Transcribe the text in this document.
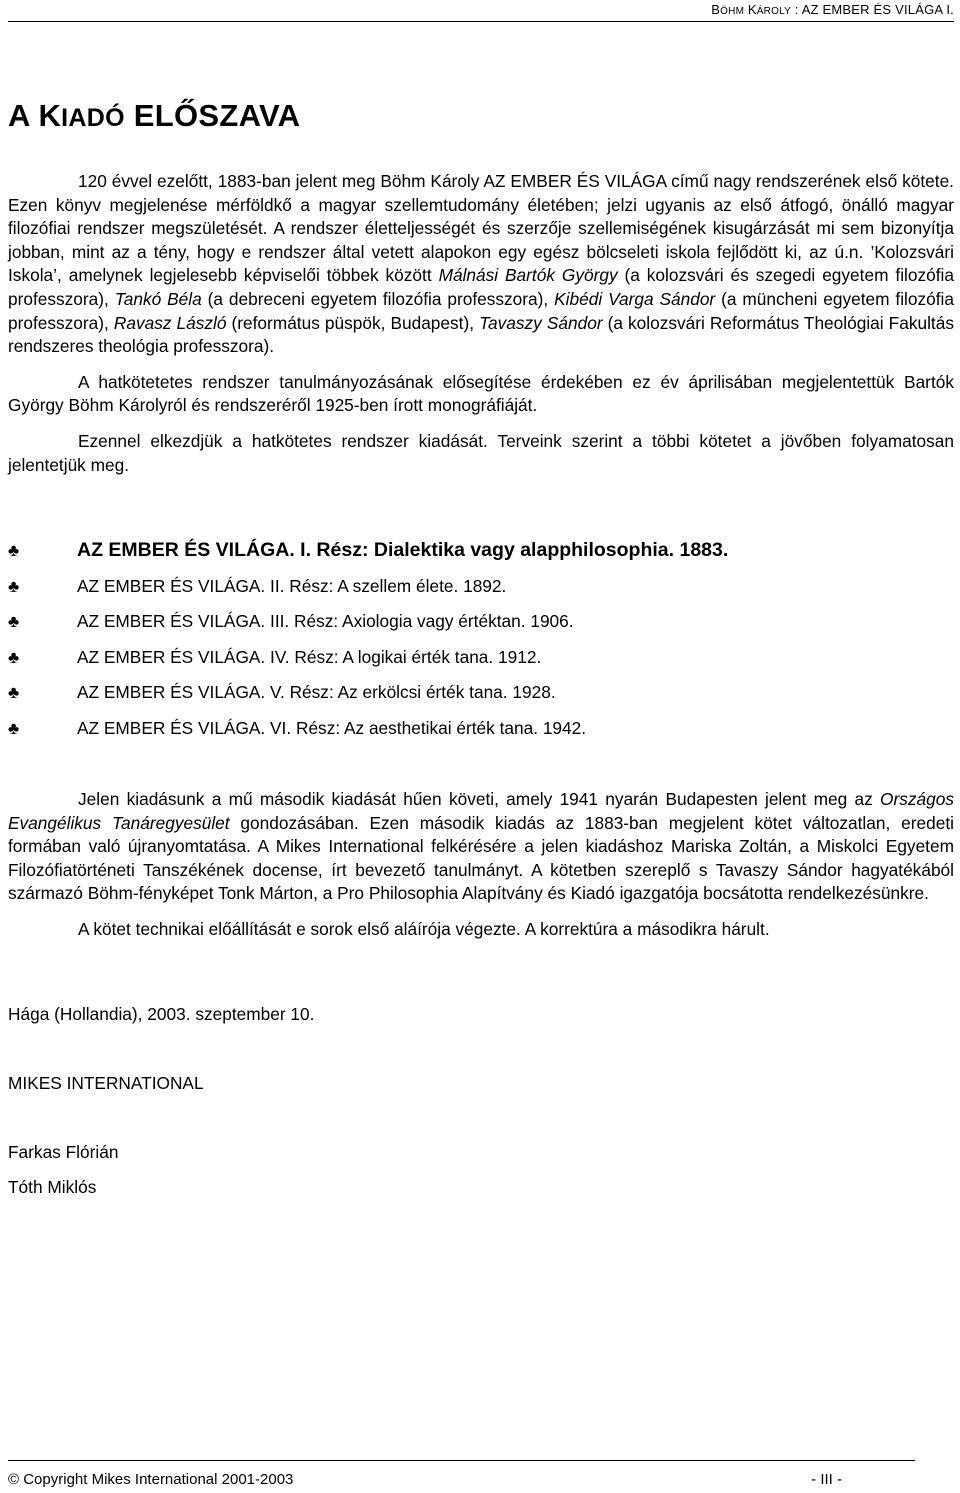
BÖHM KÁROLY : AZ EMBER ÉS VILÁGA I.
A KIADÓ ELŐSZAVA

120 évvel ezelőtt, 1883-ban jelent meg Böhm Károly AZ EMBER ÉS VILÁGA című nagy rendszerének első kötete. Ezen könyv megjelenése mérföldkő a magyar szellemtudomány életében; jelzi ugyanis az első átfogó, önálló magyar filozófiai rendszer megszületését. A rendszer életteljességét és szerzője szellemiségének kisugárzását mi sem bizonyítja jobban, mint az a tény, hogy e rendszer által vetett alapokon egy egész bölcseleti iskola fejlődött ki, az ú.n. ’Kolozsvári Iskola’, amelynek legjelesebb képviselői többek között Málnási Bartók György (a kolozsvári és szegedi egyetem filozófia professzora), Tankó Béla (a debreceni egyetem filozófia professzora), Kibédi Varga Sándor (a müncheni egyetem filozófia professzora), Ravasz László (református püspök, Budapest), Tavaszy Sándor (a kolozsvári Református Theológiai Fakultás rendszeres theológia professzora).

A hatkötetetes rendszer tanulmányozásának elősegítése érdekében ez év áprilisában megjelentettük Bartók György Böhm Károlyról és rendszeréről 1925-ben írott monográfiáját.

Ezennel elkezdjük a hatkötetes rendszer kiadását. Terveink szerint a többi kötetet a jövőben folyamatosan jelentetjük meg.

♣	AZ EMBER ÉS VILÁGA. I. Rész: Dialektika vagy alapphilosophia. 1883.
♣	AZ EMBER ÉS VILÁGA. II. Rész: A szellem élete. 1892.
♣	AZ EMBER ÉS VILÁGA. III. Rész: Axiologia vagy értéktan. 1906.
♣	AZ EMBER ÉS VILÁGA. IV. Rész: A logikai érték tana. 1912.
♣	AZ EMBER ÉS VILÁGA. V. Rész: Az erkölcsi érték tana. 1928.
♣	AZ EMBER ÉS VILÁGA. VI. Rész: Az aesthetikai érték tana. 1942.

Jelen kiadásunk a mű második kiadását hűen követi, amely 1941 nyarán Budapesten jelent meg az Országos Evangélikus Tanáregyesület gondozásában. Ezen második kiadás az 1883-ban megjelent kötet változatlan, eredeti formában való újranyomtatása. A Mikes International felkérésére a jelen kiadáshoz Mariska Zoltán, a Miskolci Egyetem Filozófiatörténeti Tanszékének docense, írt bevezető tanulmányt. A kötetben szereplő s Tavaszy Sándor hagyatékából származó Böhm-fényképet Tonk Márton, a Pro Philosophia Alapítvány és Kiadó igazgatója bocsátotta rendelkezésünkre.

A kötet technikai előállítását e sorok első aláírója végezte. A korrektúra a másodikra hárult.

Hága (Hollandia), 2003. szeptember 10.
MIKES INTERNATIONAL
Farkas Flórián
Tóth Miklós
© Copyright Mikes International 2001-2003	- III -
